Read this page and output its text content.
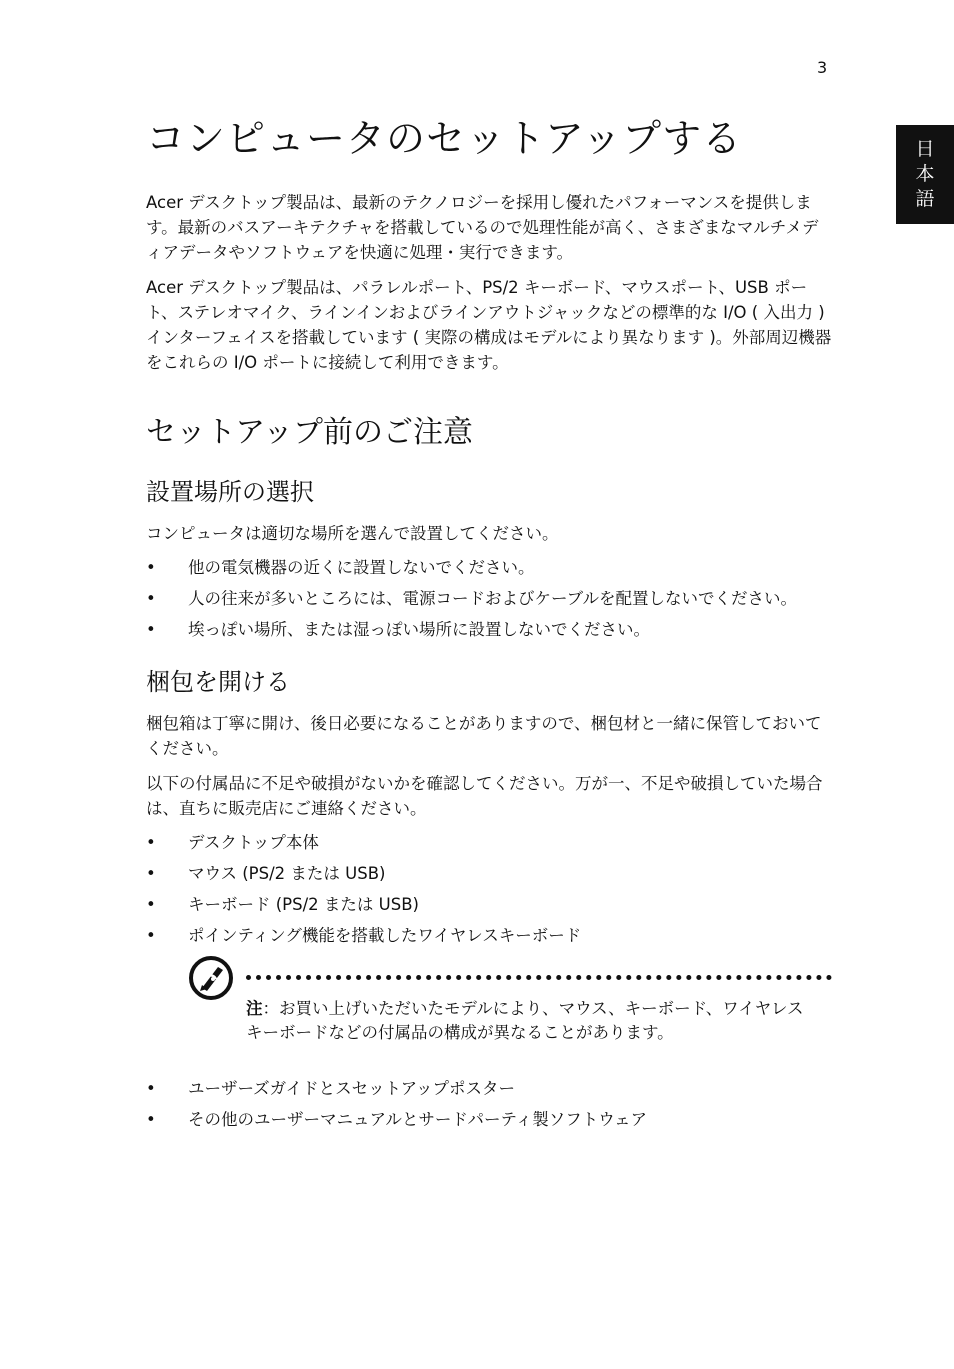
3
日
本
語
コンピュータのセットアップする

Acer デスクトップ製品は、最新のテクノロジーを採用し優れたパフォーマンスを提供します。最新のバスアーキテクチャを搭載しているので処理性能が高く、さまざまなマルチメディアデータやソフトウェアを快適に処理・実行できます。

Acer デスクトップ製品は、パラレルポート、PS/2 キーボード、マウスポート、USB ポート、ステレオマイク、ラインインおよびラインアウトジャックなどの標準的な I/O ( 入出力 ) インターフェイスを搭載しています ( 実際の構成はモデルにより異なります )。外部周辺機器をこれらの I/O ポートに接続して利用できます。

セットアップ前のご注意
設置場所の選択

コンピュータは適切な場所を選んで設置してください。

• 他の電気機器の近くに設置しないでください。
• 人の往来が多いところには、電源コードおよびケーブルを配置しないでください。
• 埃っぽい場所、または湿っぽい場所に設置しないでください。
梱包を開ける

梱包箱は丁寧に開け、後日必要になることがありますので、梱包材と一緒に保管しておいてください。

以下の付属品に不足や破損がないかを確認してください。万が一、不足や破損していた場合は、直ちに販売店にご連絡ください。

• デスクトップ本体
• マウス (PS/2 または USB)
• キーボード (PS/2 または USB)
• ポインティング機能を搭載したワイヤレスキーボード
注：お買い上げいただいたモデルにより、マウス、キーボード、ワイヤレスキーボードなどの付属品の構成が異なることがあります。
• ユーザーズガイドとスセットアップポスター
• その他のユーザーマニュアルとサードパーティ製ソフトウェア
